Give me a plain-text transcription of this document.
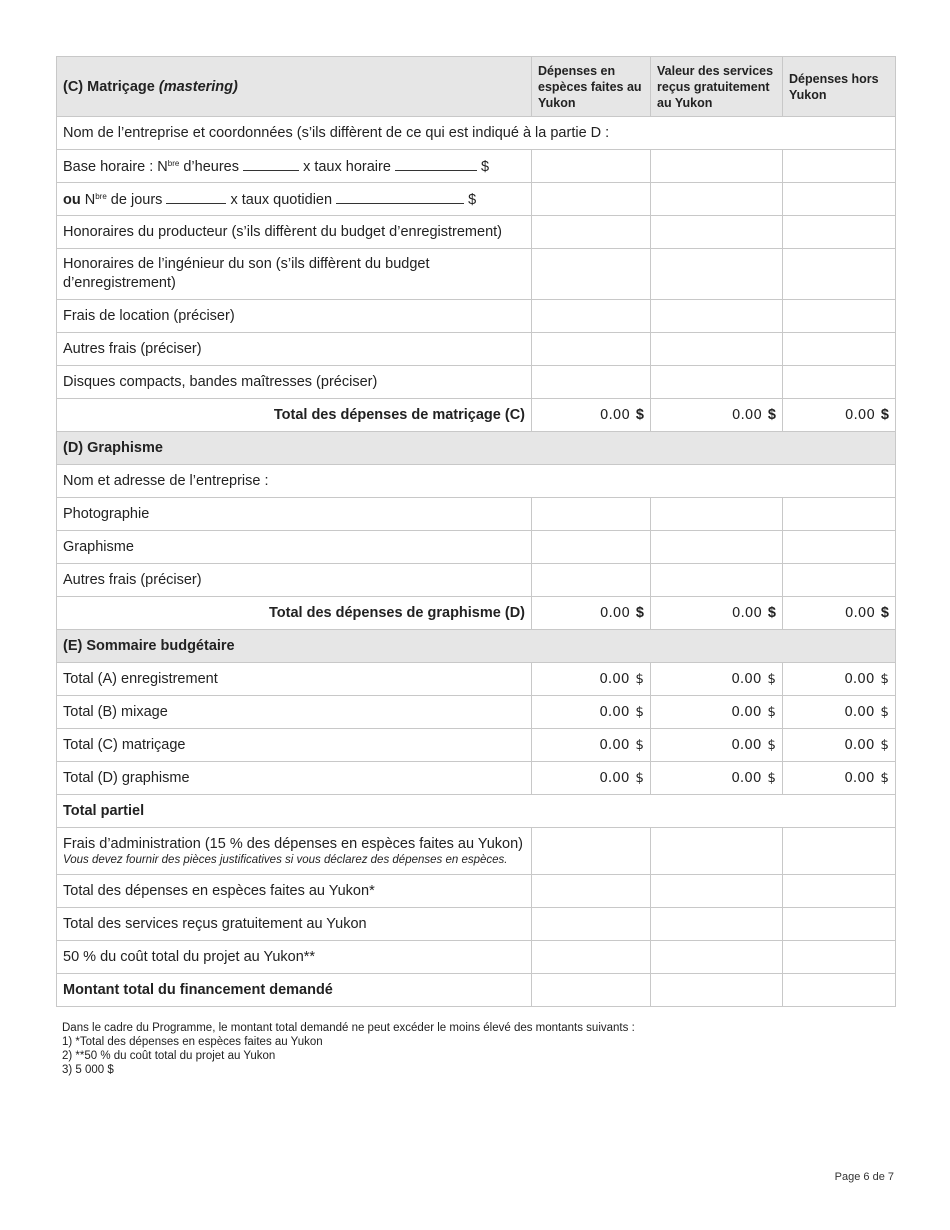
(C) Matriçage (mastering)	Dépenses en espèces faites au Yukon	Valeur des services reçus gratuitement au Yukon	Dépenses hors Yukon
Nom de l’entreprise et coordonnées (s’ils diffèrent de ce qui est indiqué à la partie D :			
Base horaire : $N^{bre}$ d’heures x taux horaire $			
ou $N^{bre}$ de jours x taux quotidien $			
Honoraires du producteur (s’ils diffèrent du budget d’enregistrement)			
Honoraires de l’ingénieur du son (s’ils diffèrent du budget d’enregistrement)			
Frais de location (préciser)			
Autres frais (préciser)			
Disques compacts, bandes maîtresses (préciser)			
Total des dépenses de matriçage (C)	0.00 $	0.00 $	0.00 $
(D) Graphisme			
Nom et adresse de l’entreprise :			
Photographie			
Graphisme			
Autres frais (préciser)			
Total des dépenses de graphisme (D)	0.00 $	0.00 $	0.00 $
(E) Sommaire budgétaire			
Total (A) enregistrement	0.00 $	0.00 $	0.00 $
Total (B) mixage	0.00 $	0.00 $	0.00 $
Total (C) matriçage	0.00 $	0.00 $	0.00 $
Total (D) graphisme	0.00 $	0.00 $	0.00 $
Total partiel			
Frais d’administration (15 % des dépenses en espèces faites au Yukon)
Vous devez fournir des pièces justificatives si vous déclarez des dépenses en espèces.			

Total des dépenses en espèces faites au Yukon*			
Total des services reçus gratuitement au Yukon			
50 % du coût total du projet au Yukon**			
Montant total du financement demandé			
Dans le cadre du Programme, le montant total demandé ne peut excéder le moins élevé des montants suivants :
1) *Total des dépenses en espèces faites au Yukon
2) **50 % du coût total du projet au Yukon
3) 5 000 $
Page 6 de 7
